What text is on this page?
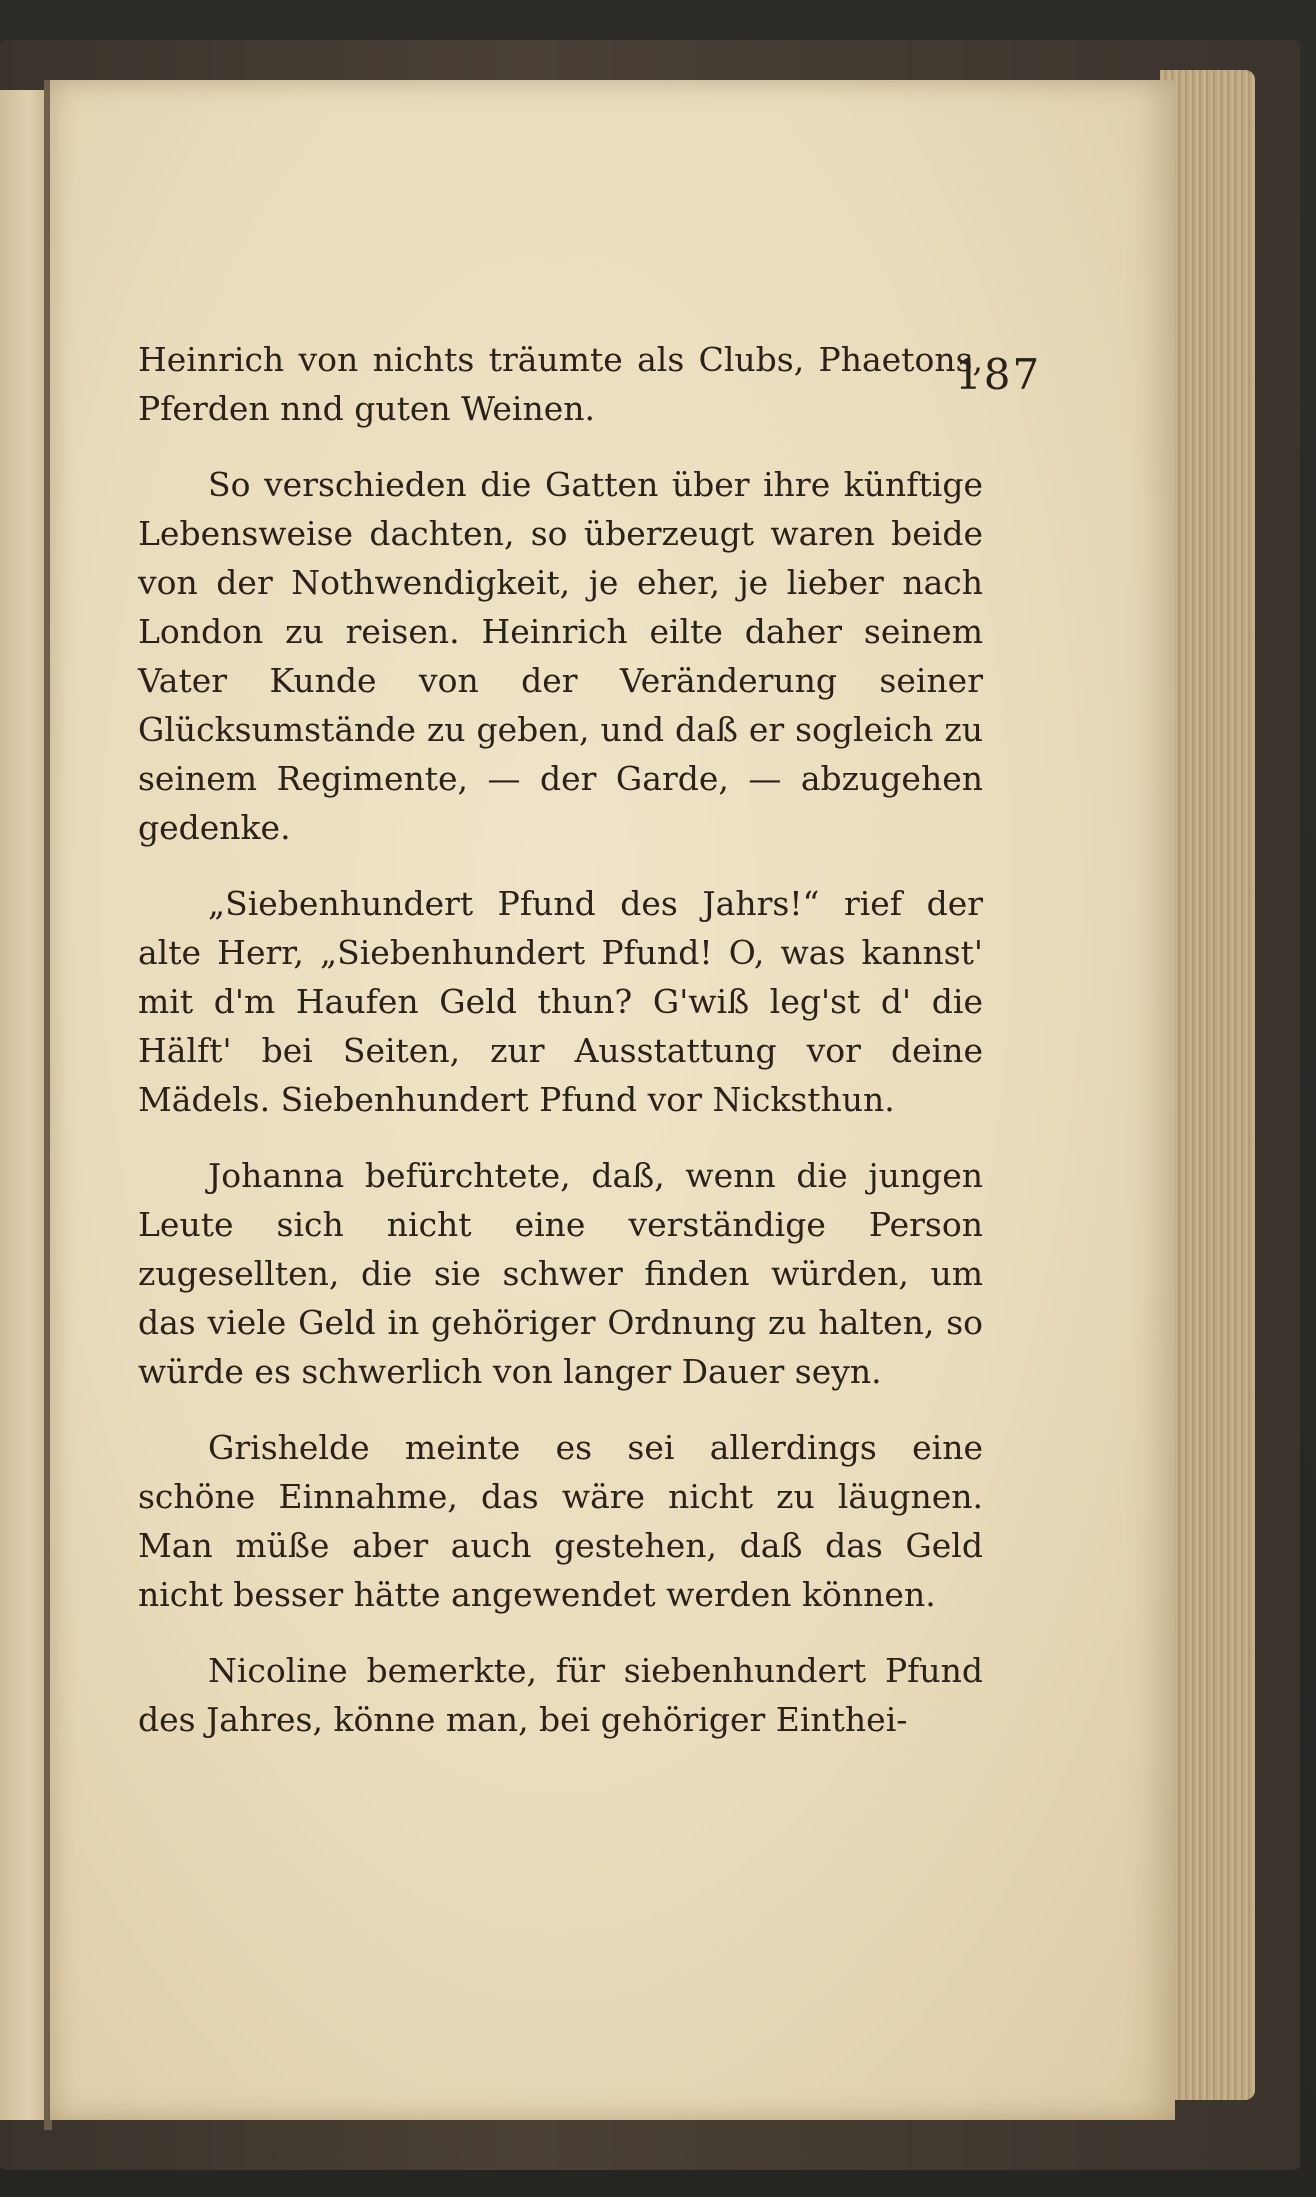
187

Heinrich von nichts träumte als Clubs, Phaetons, Pferden nnd guten Weinen.

So verschieden die Gatten über ihre künftige Lebensweise dachten, so überzeugt waren beide von der Nothwendigkeit, je eher, je lieber nach London zu reisen. Heinrich eilte daher seinem Vater Kunde von der Veränderung seiner Glücksumstände zu geben, und daß er sogleich zu seinem Regimente, — der Garde, — abzugehen gedenke.

„Siebenhundert Pfund des Jahrs!“ rief der alte Herr, „Siebenhundert Pfund! O, was kannst' mit d'm Haufen Geld thun? G'wiß leg'st d' die Hälft' bei Seiten, zur Ausstattung vor deine Mädels. Siebenhundert Pfund vor Nicksthun.

Johanna befürchtete, daß, wenn die jungen Leute sich nicht eine verständige Person zugesellten, die sie schwer finden würden, um das viele Geld in gehöriger Ordnung zu halten, so würde es schwerlich von langer Dauer seyn.

Grishelde meinte es sei allerdings eine schöne Einnahme, das wäre nicht zu läugnen. Man müße aber auch gestehen, daß das Geld nicht besser hätte angewendet werden können.

Nicoline bemerkte, für siebenhundert Pfund des Jahres, könne man, bei gehöriger Einthei-
